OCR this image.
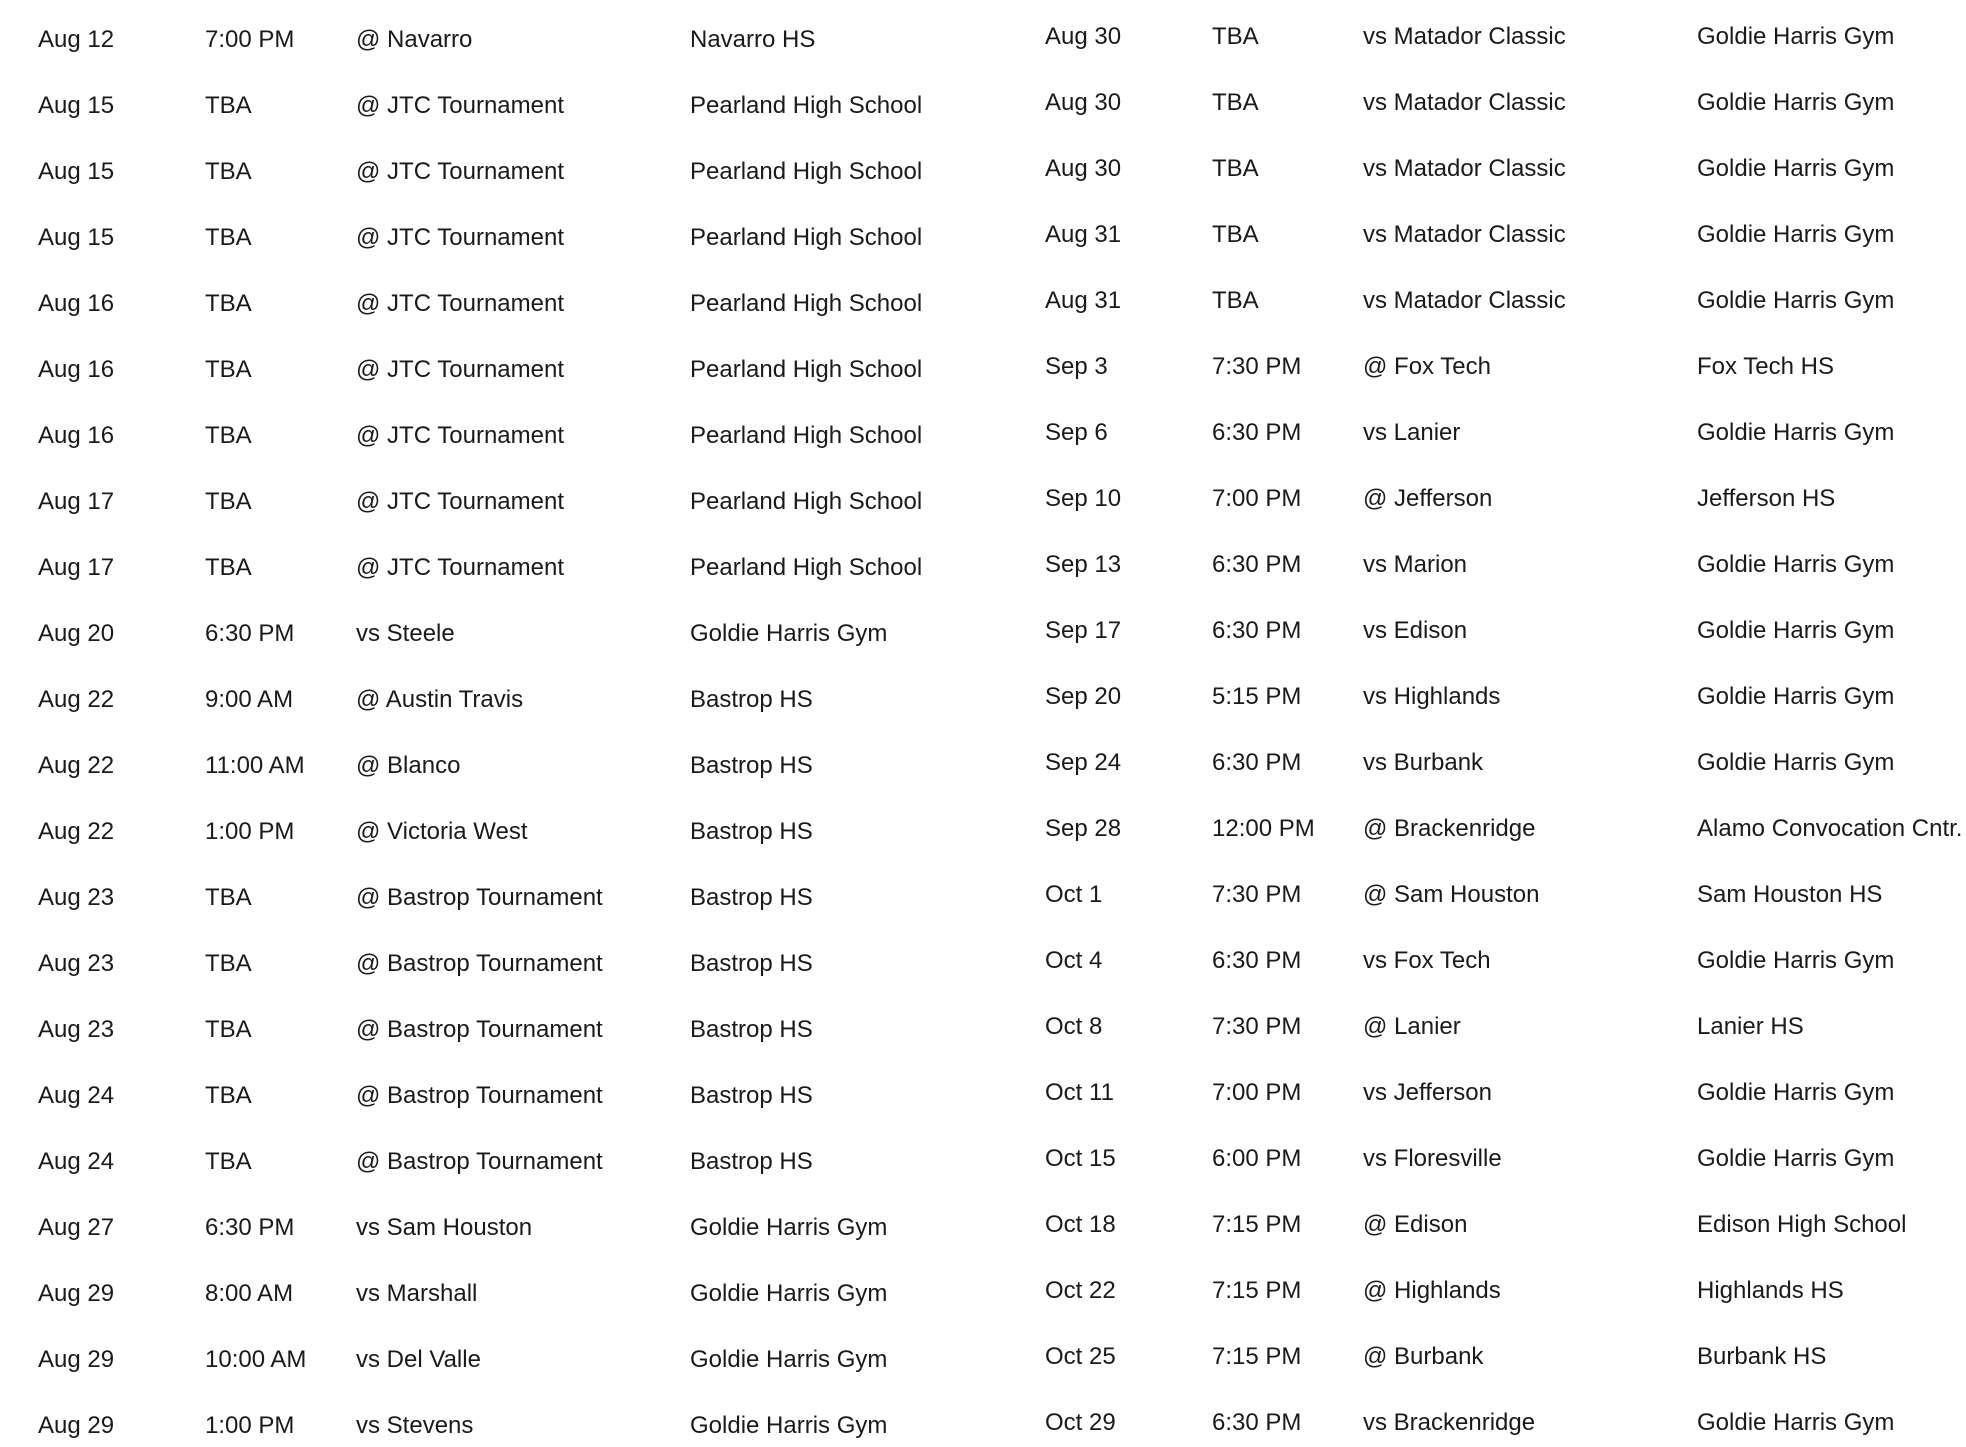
Aug 12	7:00 PM	@ Navarro	Navarro HS
Aug 15	TBA	@ JTC Tournament	Pearland High School
Aug 15	TBA	@ JTC Tournament	Pearland High School
Aug 15	TBA	@ JTC Tournament	Pearland High School
Aug 16	TBA	@ JTC Tournament	Pearland High School
Aug 16	TBA	@ JTC Tournament	Pearland High School
Aug 16	TBA	@ JTC Tournament	Pearland High School
Aug 17	TBA	@ JTC Tournament	Pearland High School
Aug 17	TBA	@ JTC Tournament	Pearland High School
Aug 20	6:30 PM	vs Steele	Goldie Harris Gym
Aug 22	9:00 AM	@ Austin Travis	Bastrop HS
Aug 22	11:00 AM @ Blanco	Bastrop HS
Aug 22	1:00 PM	@ Victoria West	Bastrop HS
Aug 23	TBA	@ Bastrop Tournament	Bastrop HS
Aug 23	TBA	@ Bastrop Tournament	Bastrop HS
Aug 23	TBA	@ Bastrop Tournament	Bastrop HS
Aug 24	TBA	@ Bastrop Tournament	Bastrop HS
Aug 24	TBA	@ Bastrop Tournament	Bastrop HS
Aug 27	6:30 PM	vs Sam Houston	Goldie Harris Gym
Aug 29	8:00 AM	vs Marshall	Goldie Harris Gym
Aug 29	10:00 AM vs Del Valle	Goldie Harris Gym
Aug 29	1:00 PM	vs Stevens	Goldie Harris Gym
Aug 30	TBA	vs Matador Classic	Goldie Harris Gym
Aug 30	TBA	vs Matador Classic	Goldie Harris Gym
Aug 30	TBA	vs Matador Classic	Goldie Harris Gym
Aug 31	TBA	vs Matador Classic	Goldie Harris Gym
Aug 31	TBA	vs Matador Classic	Goldie Harris Gym
Sep 3	7:30 PM	@ Fox Tech	Fox Tech HS
Sep 6	6:30 PM	vs Lanier	Goldie Harris Gym
Sep 10	7:00 PM	@ Jefferson	Jefferson HS
Sep 13	6:30 PM	vs Marion	Goldie Harris Gym
Sep 17	6:30 PM	vs Edison	Goldie Harris Gym
Sep 20	5:15 PM	vs Highlands	Goldie Harris Gym
Sep 24	6:30 PM	vs Burbank	Goldie Harris Gym
Sep 28	12:00 PM @ Brackenridge	Alamo Convocation Cntr.
Oct 1	7:30 PM	@ Sam Houston	Sam Houston HS
Oct 4	6:30 PM	vs Fox Tech	Goldie Harris Gym
Oct 8	7:30 PM	@ Lanier	Lanier HS
Oct 11	7:00 PM	vs Jefferson	Goldie Harris Gym
Oct 15	6:00 PM	vs Floresville	Goldie Harris Gym
Oct 18	7:15 PM	@ Edison	Edison High School
Oct 22	7:15 PM	@ Highlands	Highlands HS
Oct 25	7:15 PM	@ Burbank	Burbank HS
Oct 29	6:30 PM	vs Brackenridge	Goldie Harris Gym
